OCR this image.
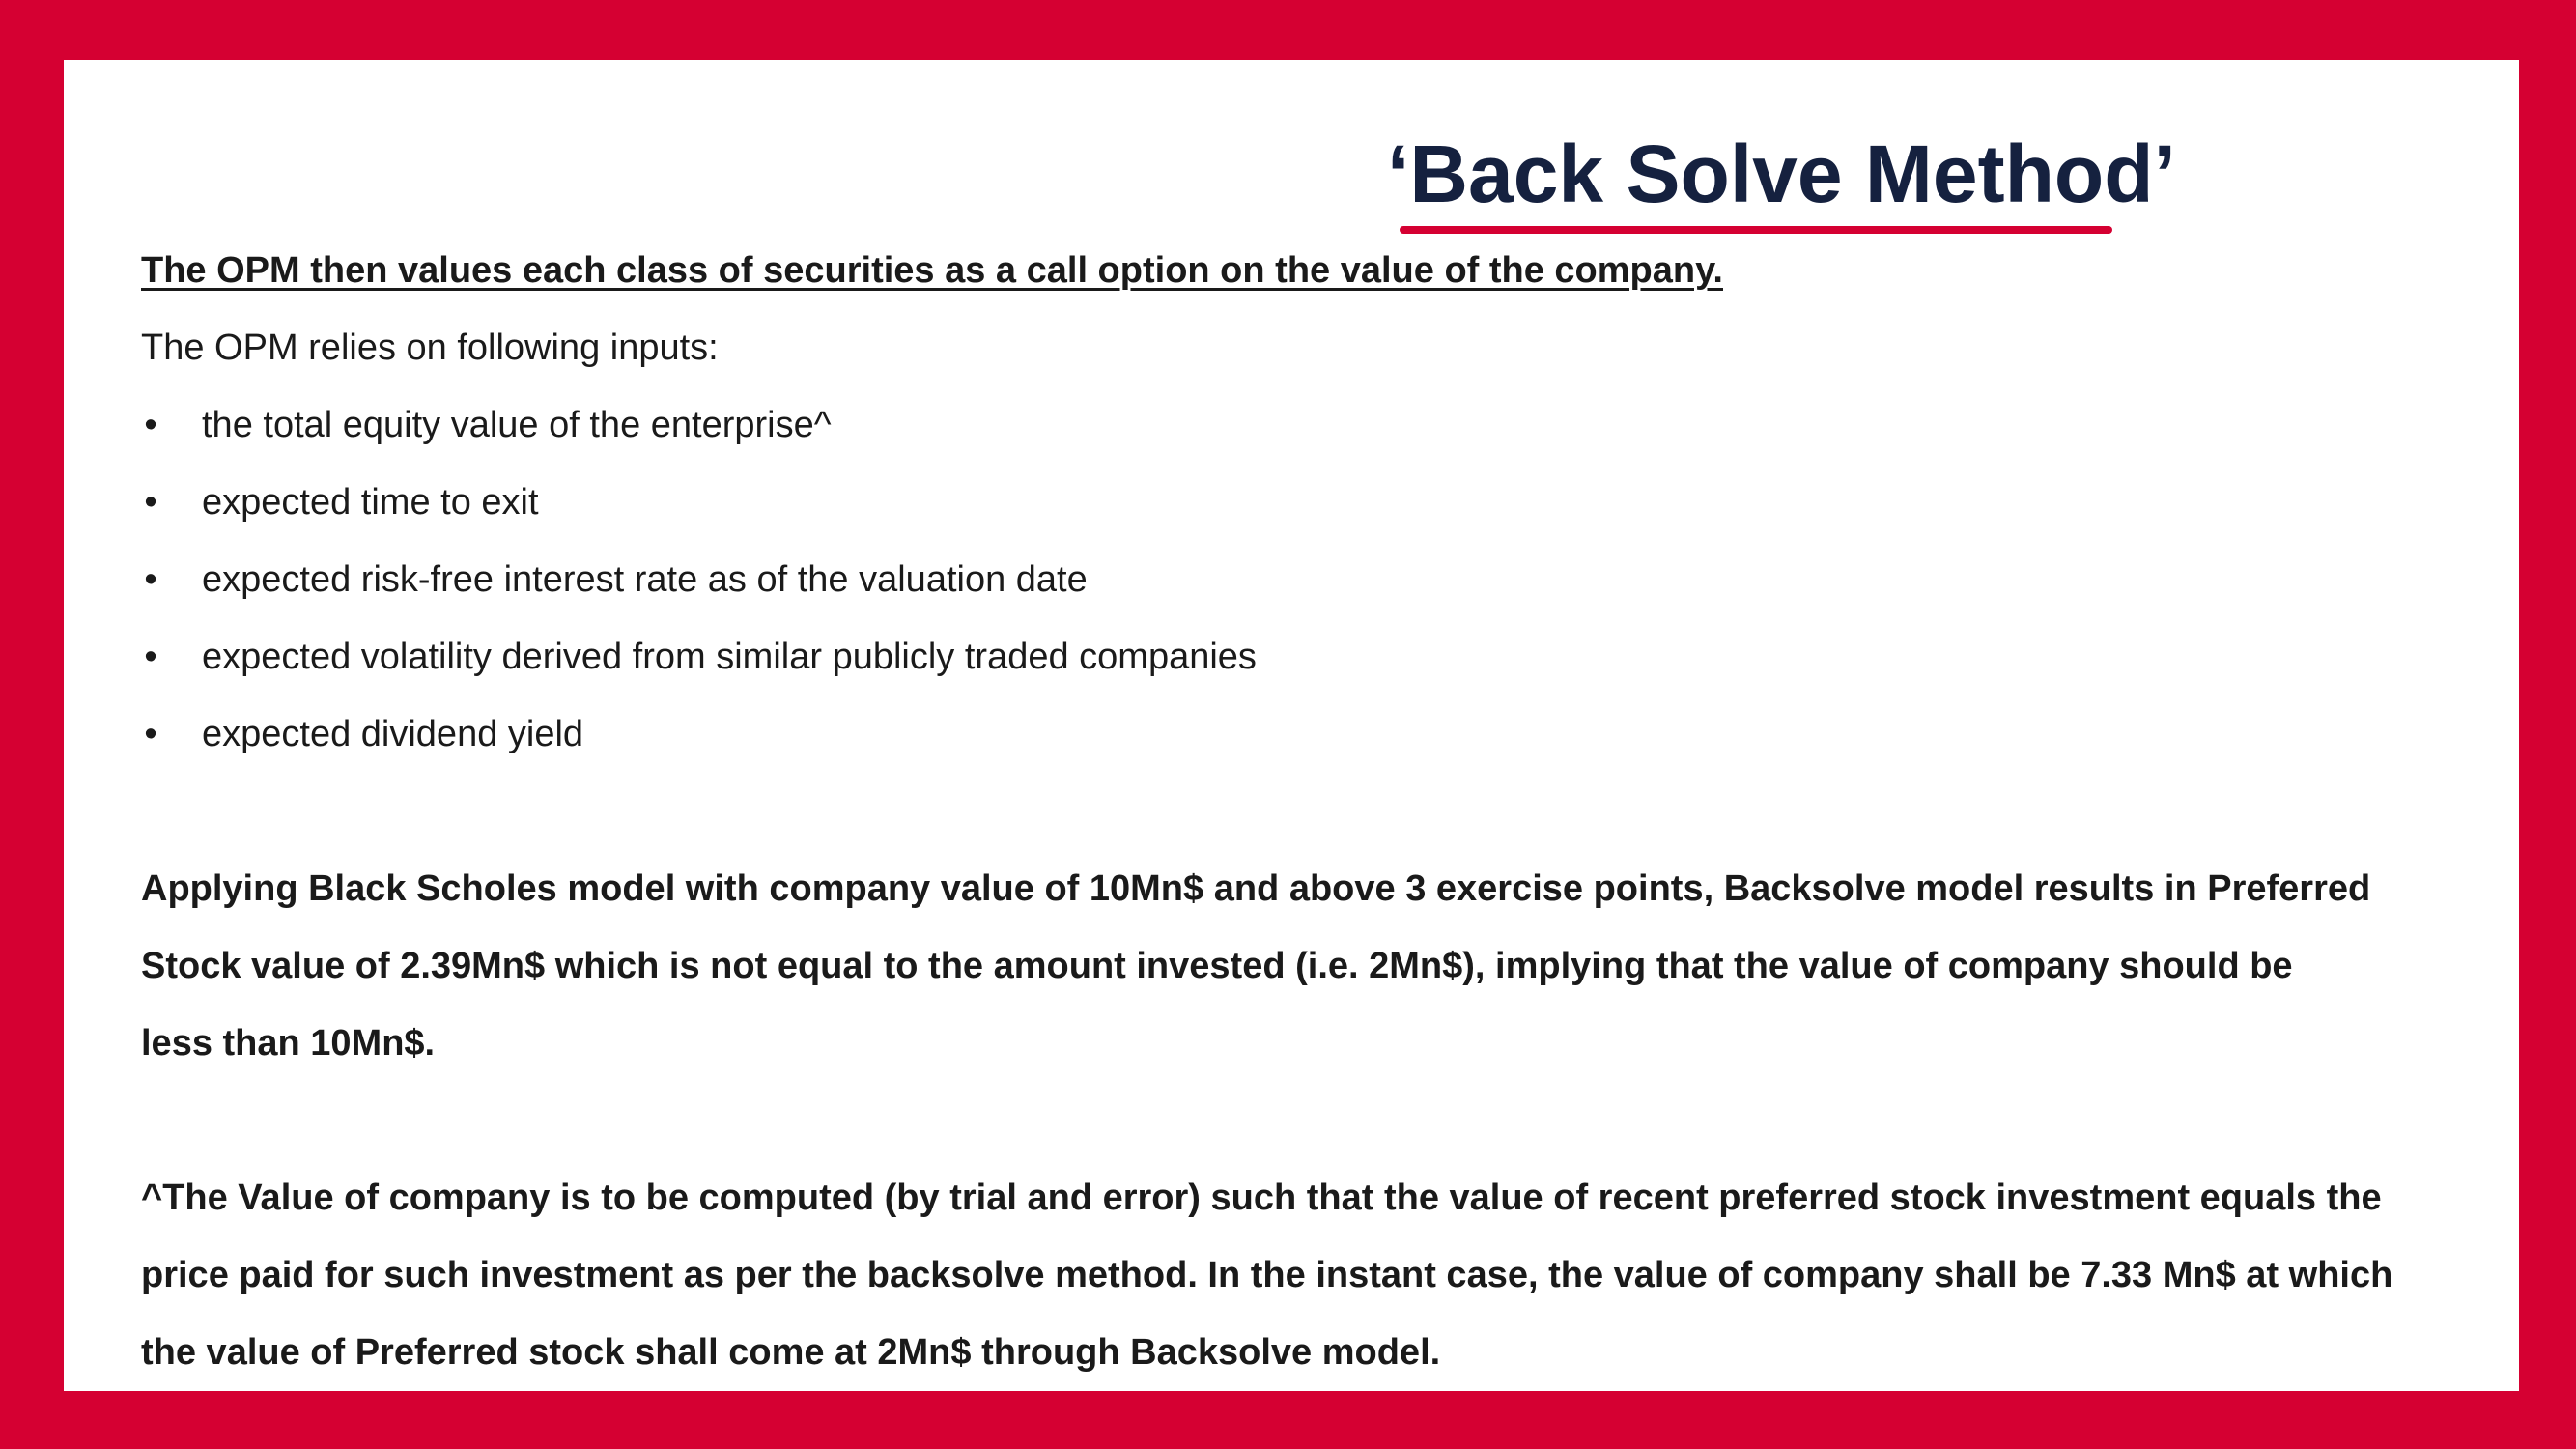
‘Back Solve Method’

The OPM then values each class of securities as a call option on the value of the company.

The OPM relies on following inputs:

• the total equity value of the enterprise^
• expected time to exit
• expected risk-free interest rate as of the valuation date
• expected volatility derived from similar publicly traded companies
• expected dividend yield
Applying Black Scholes model with company value of 10Mn$ and above 3 exercise points, Backsolve model results in Preferred
Stock value of 2.39Mn$ which is not equal to the amount invested (i.e. 2Mn$), implying that the value of company should be
less than 10Mn$.
^The Value of company is to be computed (by trial and error) such that the value of recent preferred stock investment equals the
price paid for such investment as per the backsolve method. In the instant case, the value of company shall be 7.33 Mn$ at which
the value of Preferred stock shall come at 2Mn$ through Backsolve model.
